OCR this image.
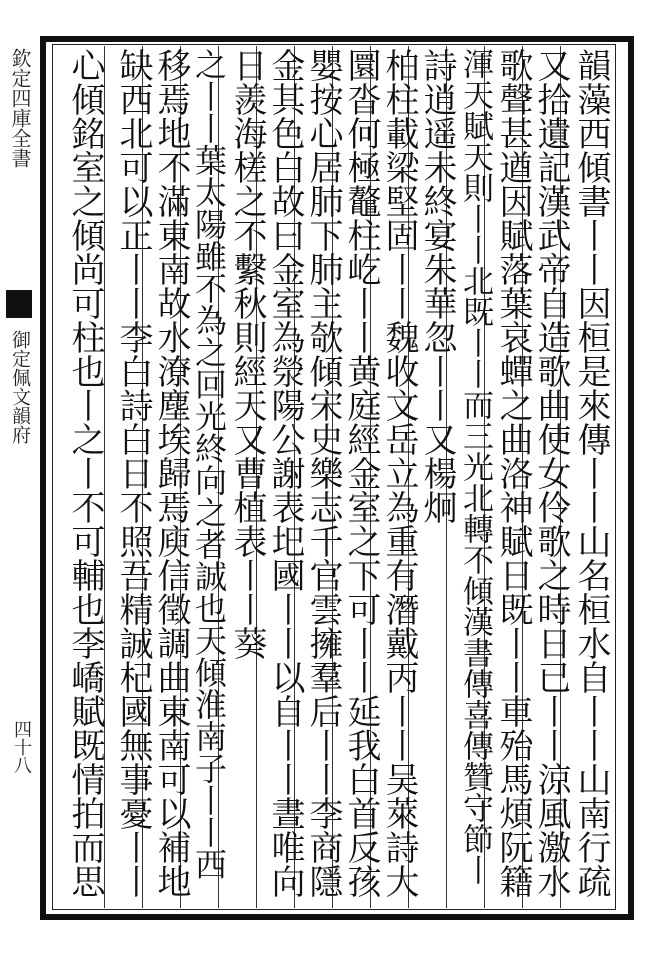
欽定四庫全書
御定佩文韻府
四十八	韻藻西傾書丨丨因桓是來傳丨丨山名桓水自丨丨山南行疏
又拾遺記漢武帝自造歌曲使女伶歌之時日已丨丨涼風激水
歌聲甚遒因賦落葉哀蟬之曲洛神賦日既丨丨車殆馬煩阮籍
渾天賦天則丨丨北既丨丨而三光北轉不傾漢書傳喜傳贊守節丨
詩逍遥未終宴朱華忽丨丨又楊炯
柏柱載梁堅固丨丨魏收文岳立為重有潛戴丙丨丨吴萊詩大
圜沓何極鼇柱屹丨丨黄庭經金室之下可丨丨延我白首反孩
嬰按心居肺下肺主欹傾宋史樂志千官雲擁羣后丨丨李商隱
金其色白故曰金室為滎陽公謝表圯國丨丨以自丨丨晝唯向
日羨海槎之不繫秋則經天又曹植表丨丨葵
之丨丨葉太陽雖不為之回光終向之者誠也天傾淮南子丨丨西
移焉地不滿東南故水潦塵埃歸焉庾信徵調曲東南可以補地
缺西北可以正丨丨李白詩白日不照吾精誠杞國無事憂丨丨
心傾銘室之傾尚可柱也丨之丨不可輔也李嶠賦既情拍而思
